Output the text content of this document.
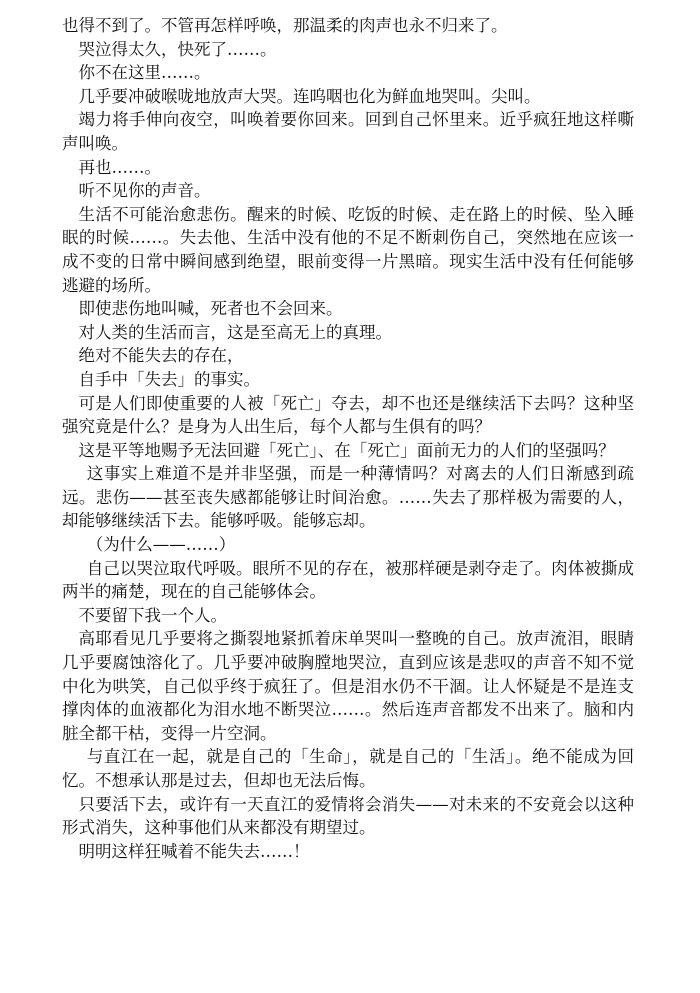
也得不到了。不管再怎样呼唤，那温柔的肉声也永不归来了。

哭泣得太久，快死了……。

你不在这里……。

几乎要冲破喉咙地放声大哭。连呜咽也化为鲜血地哭叫。尖叫。

竭力将手伸向夜空，叫唤着要你回来。回到自己怀里来。近乎疯狂地这样嘶声叫唤。

再也……。

听不见你的声音。

生活不可能治愈悲伤。醒来的时候、吃饭的时候、走在路上的时候、坠入睡眠的时候……。失去他、生活中没有他的不足不断刺伤自己，突然地在应该一成不变的日常中瞬间感到绝望，眼前变得一片黑暗。现实生活中没有任何能够逃避的场所。

即使悲伤地叫喊，死者也不会回来。

对人类的生活而言，这是至高无上的真理。

绝对不能失去的存在，

自手中「失去」的事实。

可是人们即使重要的人被「死亡」夺去，却不也还是继续活下去吗？这种坚强究竟是什么？是身为人出生后，每个人都与生俱有的吗？

这是平等地赐予无法回避「死亡」、在「死亡」面前无力的人们的坚强吗？

这事实上难道不是并非坚强，而是一种薄情吗？对离去的人们日渐感到疏远。悲伤——甚至丧失感都能够让时间治愈。……失去了那样极为需要的人，却能够继续活下去。能够呼吸。能够忘却。

（为什么——……）

自己以哭泣取代呼吸。眼所不见的存在，被那样硬是剥夺走了。肉体被撕成两半的痛楚，现在的自己能够体会。

不要留下我一个人。

高耶看见几乎要将之撕裂地紧抓着床单哭叫一整晚的自己。放声流泪，眼睛几乎要腐蚀溶化了。几乎要冲破胸膛地哭泣，直到应该是悲叹的声音不知不觉中化为哄笑，自己似乎终于疯狂了。但是泪水仍不干涸。让人怀疑是不是连支撑肉体的血液都化为泪水地不断哭泣……。然后连声音都发不出来了。脑和内脏全都干枯，变得一片空洞。

与直江在一起，就是自己的「生命」，就是自己的「生活」。绝不能成为回忆。不想承认那是过去，但却也无法后悔。

只要活下去，或许有一天直江的爱情将会消失——对未来的不安竟会以这种形式消失，这种事他们从来都没有期望过。

明明这样狂喊着不能失去……！
